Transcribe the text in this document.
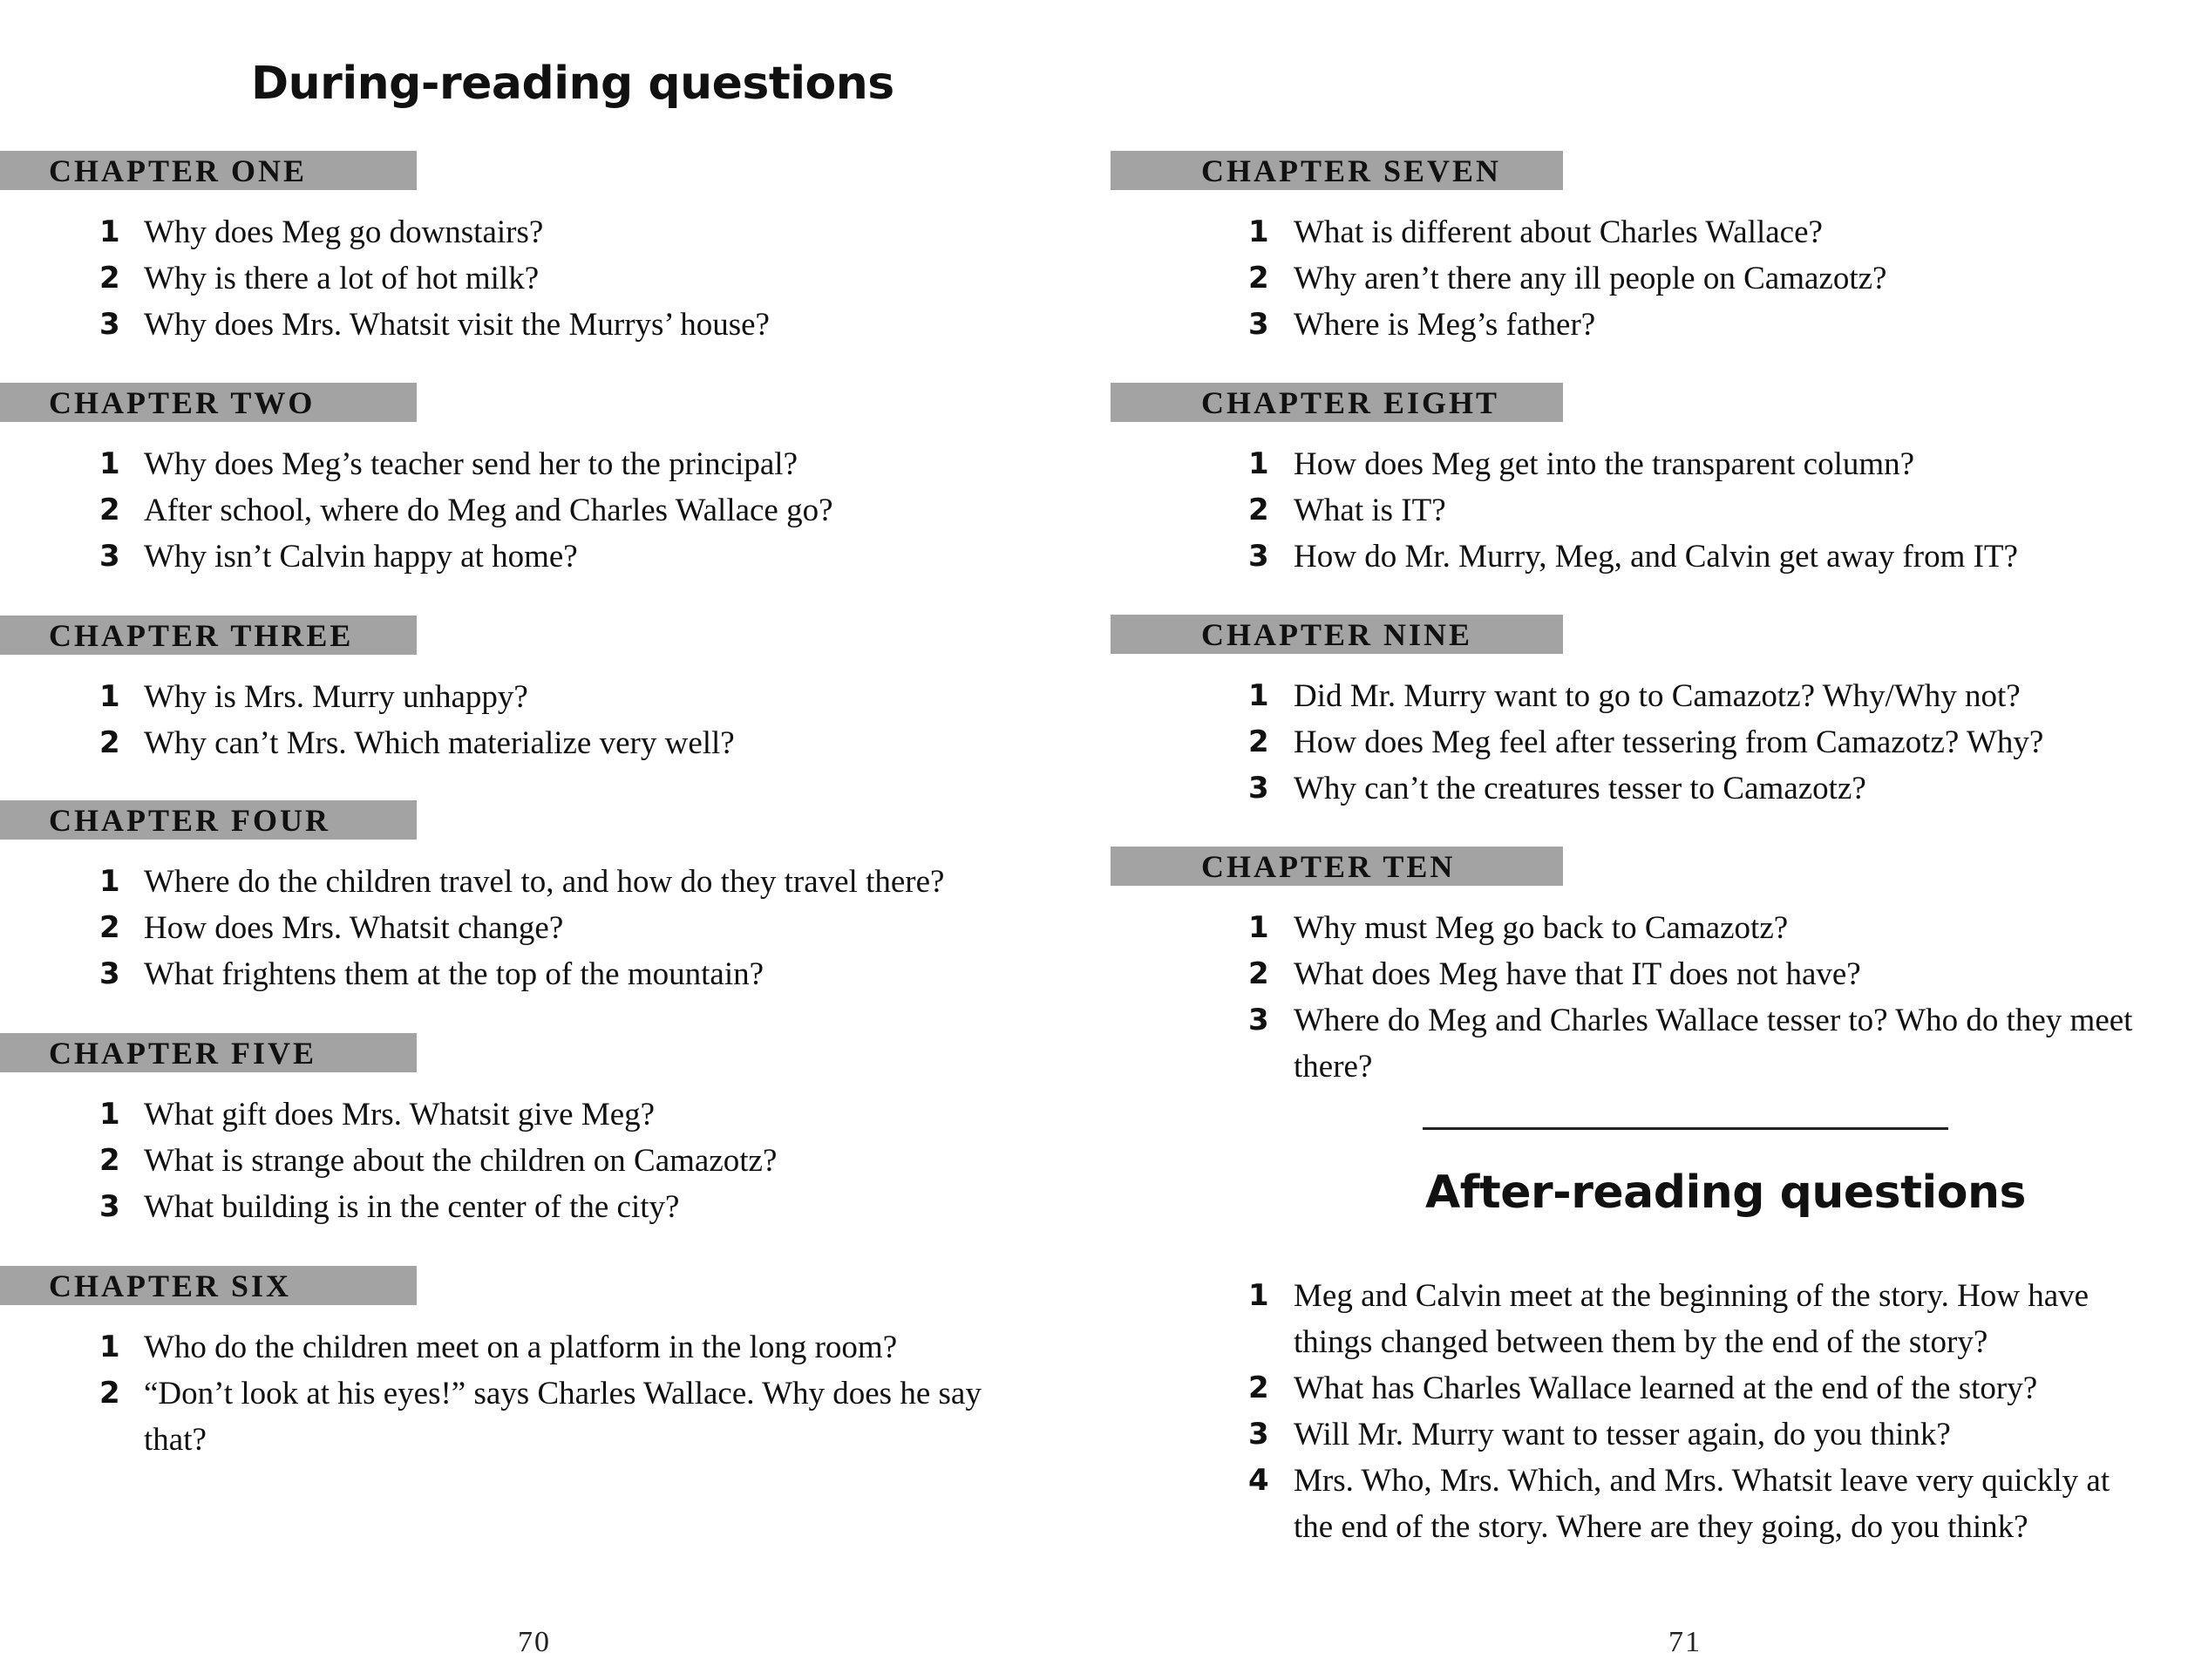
During-reading questions
CHAPTER ONE
1 Why does Meg go downstairs?
2 Why is there a lot of hot milk?
3 Why does Mrs. Whatsit visit the Murrys’ house?
CHAPTER TWO
1 Why does Meg’s teacher send her to the principal?
2 After school, where do Meg and Charles Wallace go?
3 Why isn’t Calvin happy at home?
CHAPTER THREE
1 Why is Mrs. Murry unhappy?
2 Why can’t Mrs. Which materialize very well?
CHAPTER FOUR
1 Where do the children travel to, and how do they travel there?
2 How does Mrs. Whatsit change?
3 What frightens them at the top of the mountain?
CHAPTER FIVE
1 What gift does Mrs. Whatsit give Meg?
2 What is strange about the children on Camazotz?
3 What building is in the center of the city?
CHAPTER SIX
1 Who do the children meet on a platform in the long room?
2 “Don’t look at his eyes!” says Charles Wallace. Why does he say that?
70
CHAPTER SEVEN
1 What is different about Charles Wallace?
2 Why aren’t there any ill people on Camazotz?
3 Where is Meg’s father?
CHAPTER EIGHT
1 How does Meg get into the transparent column?
2 What is IT?
3 How do Mr. Murry, Meg, and Calvin get away from IT?
CHAPTER NINE
1 Did Mr. Murry want to go to Camazotz? Why/Why not?
2 How does Meg feel after tessering from Camazotz? Why?
3 Why can’t the creatures tesser to Camazotz?
CHAPTER TEN
1 Why must Meg go back to Camazotz?
2 What does Meg have that IT does not have?
3 Where do Meg and Charles Wallace tesser to? Who do they meet there?
After-reading questions
1 Meg and Calvin meet at the beginning of the story. How have things changed between them by the end of the story?
2 What has Charles Wallace learned at the end of the story?
3 Will Mr. Murry want to tesser again, do you think?
4 Mrs. Who, Mrs. Which, and Mrs. Whatsit leave very quickly at the end of the story. Where are they going, do you think?
71
